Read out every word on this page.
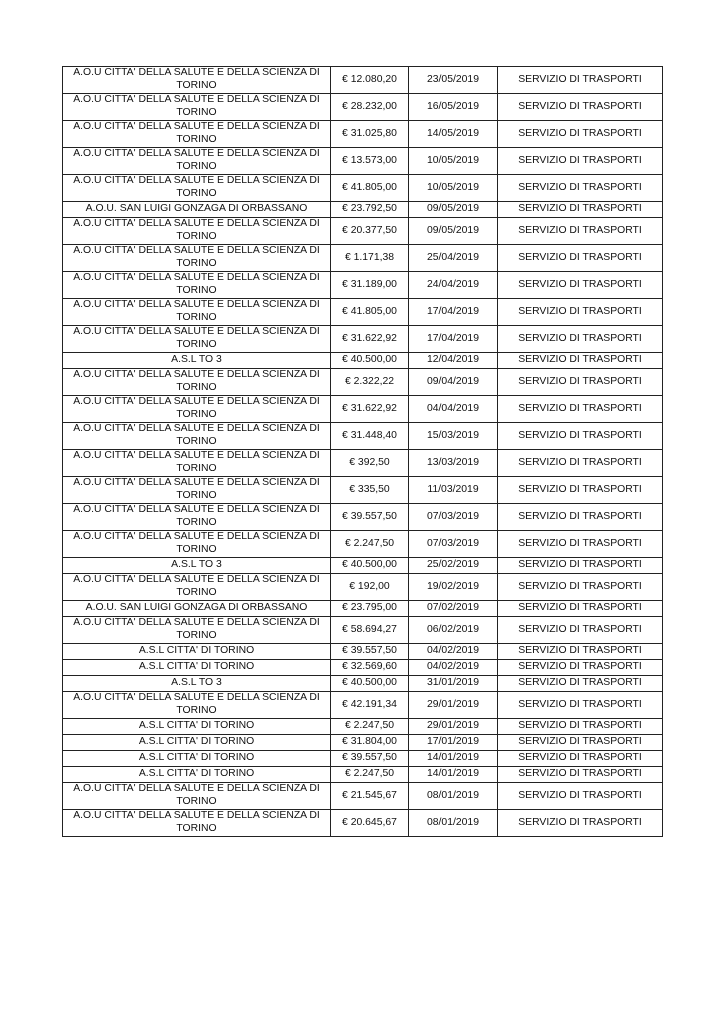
A.O.U CITTA' DELLA SALUTE E DELLA SCIENZA DI TORINO	€ 12.080,20	23/05/2019	SERVIZIO DI TRASPORTI
A.O.U CITTA' DELLA SALUTE E DELLA SCIENZA DI TORINO	€ 28.232,00	16/05/2019	SERVIZIO DI TRASPORTI
A.O.U CITTA' DELLA SALUTE E DELLA SCIENZA DI TORINO	€ 31.025,80	14/05/2019	SERVIZIO DI TRASPORTI
A.O.U CITTA' DELLA SALUTE E DELLA SCIENZA DI TORINO	€ 13.573,00	10/05/2019	SERVIZIO DI TRASPORTI
A.O.U CITTA' DELLA SALUTE E DELLA SCIENZA DI TORINO	€ 41.805,00	10/05/2019	SERVIZIO DI TRASPORTI
A.O.U. SAN LUIGI GONZAGA DI ORBASSANO	€ 23.792,50	09/05/2019	SERVIZIO DI TRASPORTI
A.O.U CITTA' DELLA SALUTE E DELLA SCIENZA DI TORINO	€ 20.377,50	09/05/2019	SERVIZIO DI TRASPORTI
A.O.U CITTA' DELLA SALUTE E DELLA SCIENZA DI TORINO	€ 1.171,38	25/04/2019	SERVIZIO DI TRASPORTI
A.O.U CITTA' DELLA SALUTE E DELLA SCIENZA DI TORINO	€ 31.189,00	24/04/2019	SERVIZIO DI TRASPORTI
A.O.U CITTA' DELLA SALUTE E DELLA SCIENZA DI TORINO	€ 41.805,00	17/04/2019	SERVIZIO DI TRASPORTI
A.O.U CITTA' DELLA SALUTE E DELLA SCIENZA DI TORINO	€ 31.622,92	17/04/2019	SERVIZIO DI TRASPORTI
A.S.L TO 3	€ 40.500,00	12/04/2019	SERVIZIO DI TRASPORTI
A.O.U CITTA' DELLA SALUTE E DELLA SCIENZA DI TORINO	€ 2.322,22	09/04/2019	SERVIZIO DI TRASPORTI
A.O.U CITTA' DELLA SALUTE E DELLA SCIENZA DI TORINO	€ 31.622,92	04/04/2019	SERVIZIO DI TRASPORTI
A.O.U CITTA' DELLA SALUTE E DELLA SCIENZA DI TORINO	€ 31.448,40	15/03/2019	SERVIZIO DI TRASPORTI
A.O.U CITTA' DELLA SALUTE E DELLA SCIENZA DI TORINO	€ 392,50	13/03/2019	SERVIZIO DI TRASPORTI
A.O.U CITTA' DELLA SALUTE E DELLA SCIENZA DI TORINO	€ 335,50	11/03/2019	SERVIZIO DI TRASPORTI
A.O.U CITTA' DELLA SALUTE E DELLA SCIENZA DI TORINO	€ 39.557,50	07/03/2019	SERVIZIO DI TRASPORTI
A.O.U CITTA' DELLA SALUTE E DELLA SCIENZA DI TORINO	€ 2.247,50	07/03/2019	SERVIZIO DI TRASPORTI
A.S.L TO 3	€ 40.500,00	25/02/2019	SERVIZIO DI TRASPORTI
A.O.U CITTA' DELLA SALUTE E DELLA SCIENZA DI TORINO	€ 192,00	19/02/2019	SERVIZIO DI TRASPORTI
A.O.U. SAN LUIGI GONZAGA DI ORBASSANO	€ 23.795,00	07/02/2019	SERVIZIO DI TRASPORTI
A.O.U CITTA' DELLA SALUTE E DELLA SCIENZA DI TORINO	€ 58.694,27	06/02/2019	SERVIZIO DI TRASPORTI
A.S.L CITTA' DI TORINO	€ 39.557,50	04/02/2019	SERVIZIO DI TRASPORTI
A.S.L CITTA' DI TORINO	€ 32.569,60	04/02/2019	SERVIZIO DI TRASPORTI
A.S.L TO 3	€ 40.500,00	31/01/2019	SERVIZIO DI TRASPORTI
A.O.U CITTA' DELLA SALUTE E DELLA SCIENZA DI TORINO	€ 42.191,34	29/01/2019	SERVIZIO DI TRASPORTI
A.S.L CITTA' DI TORINO	€ 2.247,50	29/01/2019	SERVIZIO DI TRASPORTI
A.S.L CITTA' DI TORINO	€ 31.804,00	17/01/2019	SERVIZIO DI TRASPORTI
A.S.L CITTA' DI TORINO	€ 39.557,50	14/01/2019	SERVIZIO DI TRASPORTI
A.S.L CITTA' DI TORINO	€ 2.247,50	14/01/2019	SERVIZIO DI TRASPORTI
A.O.U CITTA' DELLA SALUTE E DELLA SCIENZA DI TORINO	€ 21.545,67	08/01/2019	SERVIZIO DI TRASPORTI
A.O.U CITTA' DELLA SALUTE E DELLA SCIENZA DI TORINO	€ 20.645,67	08/01/2019	SERVIZIO DI TRASPORTI
